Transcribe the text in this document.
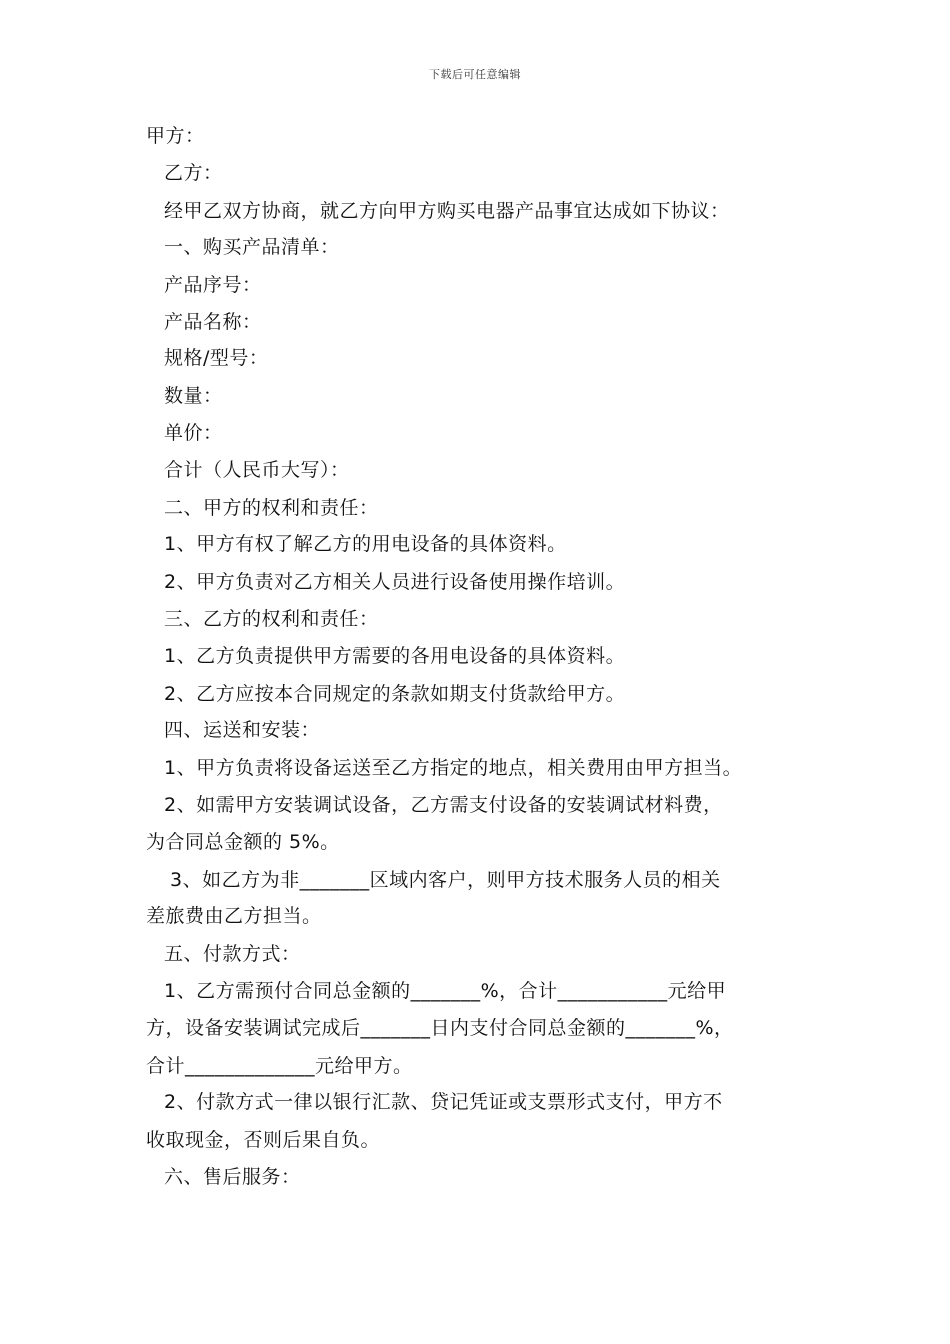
下载后可任意编辑
甲方：
乙方：
经甲乙双方协商，就乙方向甲方购买电器产品事宜达成如下协议：
一、购买产品清单：
产品序号：
产品名称：
规格/型号：
数量：
单价：
合计（人民币大写）：
二、甲方的权利和责任：
1、甲方有权了解乙方的用电设备的具体资料。
2、甲方负责对乙方相关人员进行设备使用操作培训。
三、乙方的权利和责任：
1、乙方负责提供甲方需要的各用电设备的具体资料。
2、乙方应按本合同规定的条款如期支付货款给甲方。
四、运送和安装：
1、甲方负责将设备运送至乙方指定的地点，相关费用由甲方担当。
2、如需甲方安装调试设备，乙方需支付设备的安装调试材料费，
为合同总金额的 5%。
3、如乙方为非_______区域内客户，则甲方技术服务人员的相关
差旅费由乙方担当。
五、付款方式：
1、乙方需预付合同总金额的_______%，合计___________元给甲
方，设备安装调试完成后_______日内支付合同总金额的_______%，
合计_____________元给甲方。
2、付款方式一律以银行汇款、贷记凭证或支票形式支付，甲方不
收取现金，否则后果自负。
六、售后服务：
